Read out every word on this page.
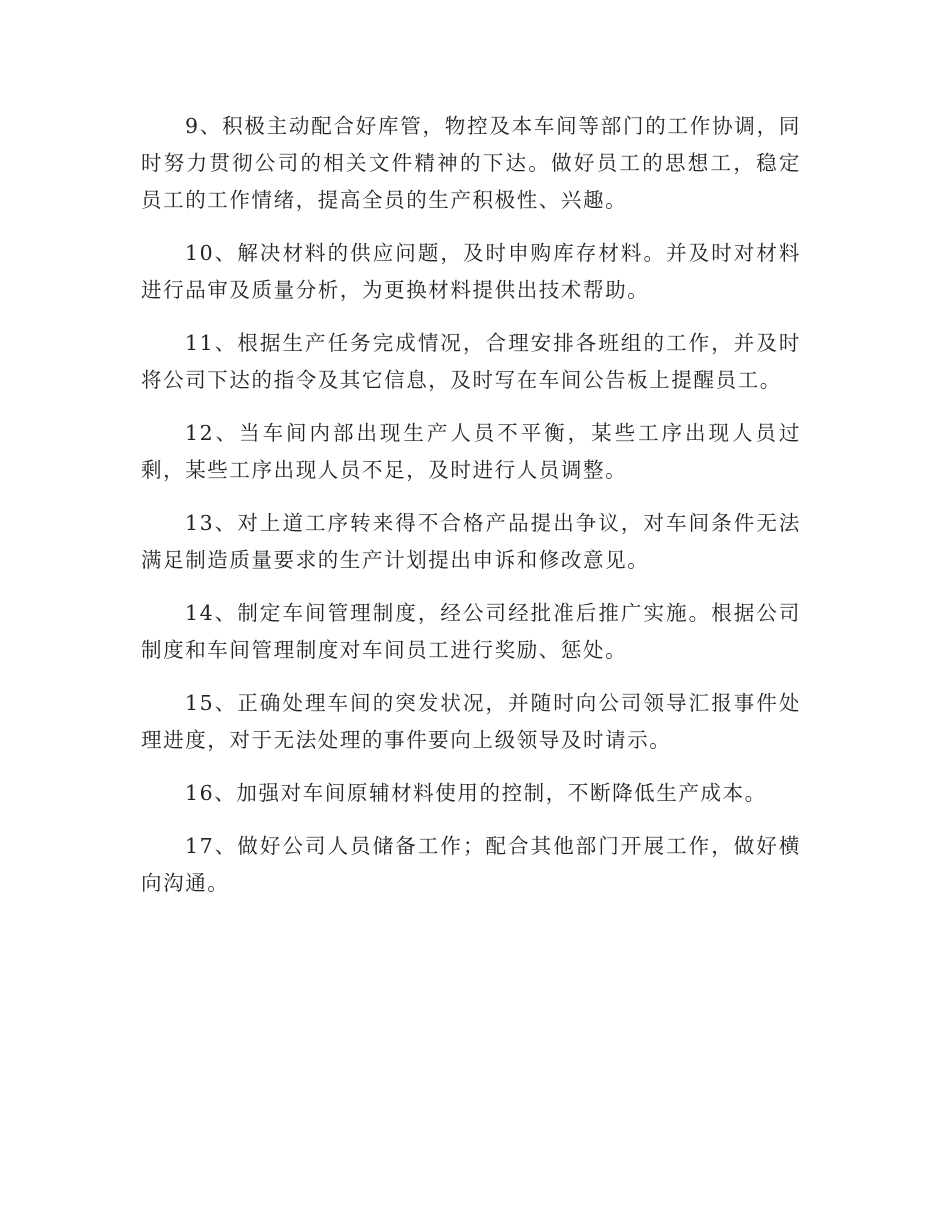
9、积极主动配合好库管，物控及本车间等部门的工作协调，同时努力贯彻公司的相关文件精神的下达。做好员工的思想工，稳定员工的工作情绪，提高全员的生产积极性、兴趣。

10、解决材料的供应问题，及时申购库存材料。并及时对材料进行品审及质量分析，为更换材料提供出技术帮助。

11、根据生产任务完成情况，合理安排各班组的工作，并及时将公司下达的指令及其它信息，及时写在车间公告板上提醒员工。

12、当车间内部出现生产人员不平衡，某些工序出现人员过剩，某些工序出现人员不足，及时进行人员调整。

13、对上道工序转来得不合格产品提出争议，对车间条件无法满足制造质量要求的生产计划提出申诉和修改意见。

14、制定车间管理制度，经公司经批准后推广实施。根据公司制度和车间管理制度对车间员工进行奖励、惩处。

15、正确处理车间的突发状况，并随时向公司领导汇报事件处理进度，对于无法处理的事件要向上级领导及时请示。

16、加强对车间原辅材料使用的控制，不断降低生产成本。

17、做好公司人员储备工作；配合其他部门开展工作，做好横向沟通。
